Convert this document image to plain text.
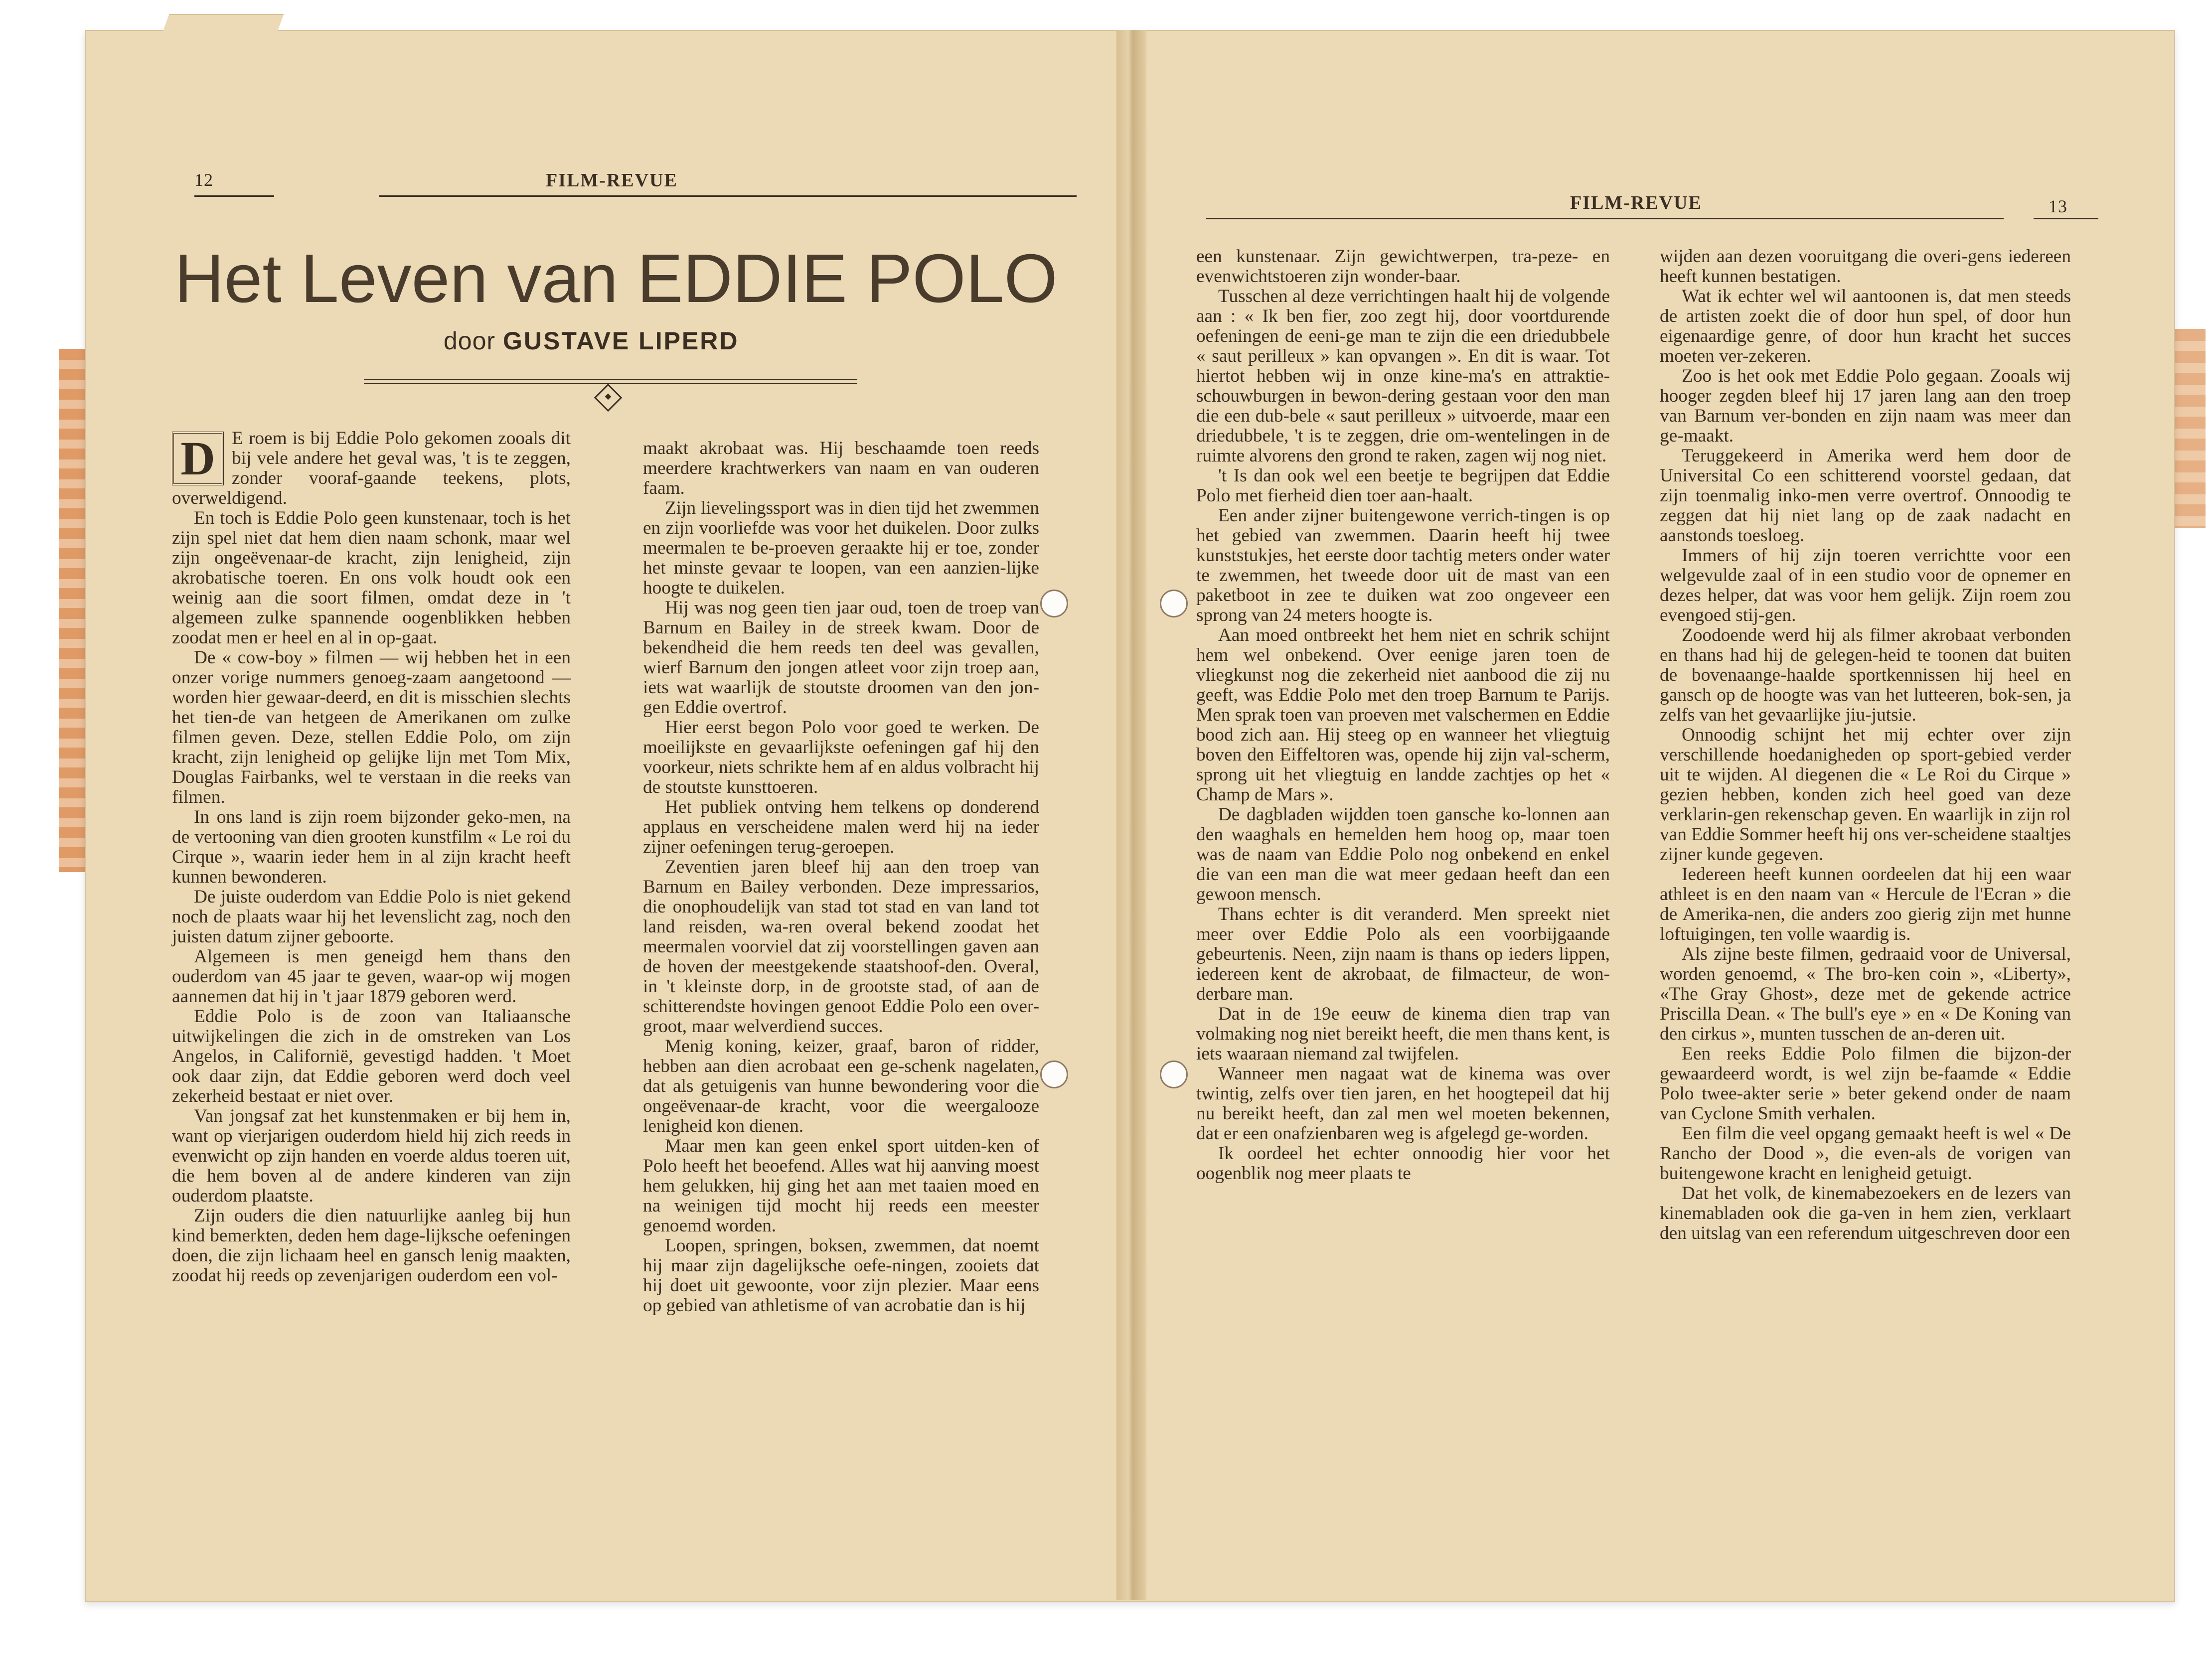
12	FILM-REVUE
Het Leven van EDDIE POLO
door GUSTAVE LIPERD

D E roem is bij Eddie Polo gekomen zooals dit bij vele andere het geval was, 't is te zeggen, zonder vooraf-gaande teekens, plots, overweldigend.

En toch is Eddie Polo geen kunstenaar, toch is het zijn spel niet dat hem dien naam schonk, maar wel zijn ongeëvenaar-de kracht, zijn lenigheid, zijn akrobatische toeren. En ons volk houdt ook een weinig aan die soort filmen, omdat deze in 't algemeen zulke spannende oogenblikken hebben zoodat men er heel en al in op-gaat.

De « cow-boy » filmen — wij hebben het in een onzer vorige nummers genoeg-zaam aangetoond — worden hier gewaar-deerd, en dit is misschien slechts het tien-de van hetgeen de Amerikanen om zulke filmen geven. Deze, stellen Eddie Polo, om zijn kracht, zijn lenigheid op gelijke lijn met Tom Mix, Douglas Fairbanks, wel te verstaan in die reeks van filmen.

In ons land is zijn roem bijzonder geko-men, na de vertooning van dien grooten kunstfilm « Le roi du Cirque », waarin ieder hem in al zijn kracht heeft kunnen bewonderen.

De juiste ouderdom van Eddie Polo is niet gekend noch de plaats waar hij het levenslicht zag, noch den juisten datum zijner geboorte.

Algemeen is men geneigd hem thans den ouderdom van 45 jaar te geven, waar-op wij mogen aannemen dat hij in 't jaar 1879 geboren werd.

Eddie Polo is de zoon van Italiaansche uitwijkelingen die zich in de omstreken van Los Angelos, in Californië, gevestigd hadden. 't Moet ook daar zijn, dat Eddie geboren werd doch veel zekerheid bestaat er niet over.

Van jongsaf zat het kunstenmaken er bij hem in, want op vierjarigen ouderdom hield hij zich reeds in evenwicht op zijn handen en voerde aldus toeren uit, die hem boven al de andere kinderen van zijn ouderdom plaatste.

Zijn ouders die dien natuurlijke aanleg bij hun kind bemerkten, deden hem dage-lijksche oefeningen doen, die zijn lichaam heel en gansch lenig maakten, zoodat hij reeds op zevenjarigen ouderdom een vol-

maakt akrobaat was. Hij beschaamde toen reeds meerdere krachtwerkers van naam en van ouderen faam.

Zijn lievelingssport was in dien tijd het zwemmen en zijn voorliefde was voor het duikelen. Door zulks meermalen te be-proeven geraakte hij er toe, zonder het minste gevaar te loopen, van een aanzien-lijke hoogte te duikelen.

Hij was nog geen tien jaar oud, toen de troep van Barnum en Bailey in de streek kwam. Door de bekendheid die hem reeds ten deel was gevallen, wierf Barnum den jongen atleet voor zijn troep aan, iets wat waarlijk de stoutste droomen van den jon-gen Eddie overtrof.

Hier eerst begon Polo voor goed te werken. De moeilijkste en gevaarlijkste oefeningen gaf hij den voorkeur, niets schrikte hem af en aldus volbracht hij de stoutste kunsttoeren.

Het publiek ontving hem telkens op donderend applaus en verscheidene malen werd hij na ieder zijner oefeningen terug-geroepen.

Zeventien jaren bleef hij aan den troep van Barnum en Bailey verbonden. Deze impressarios, die onophoudelijk van stad tot stad en van land tot land reisden, wa-ren overal bekend zoodat het meermalen voorviel dat zij voorstellingen gaven aan de hoven der meestgekende staatshoof-den. Overal, in 't kleinste dorp, in de grootste stad, of aan de schitterendste hovingen genoot Eddie Polo een over-groot, maar welverdiend succes.

Menig koning, keizer, graaf, baron of ridder, hebben aan dien acrobaat een ge-schenk nagelaten, dat als getuigenis van hunne bewondering voor die ongeëvenaar-de kracht, voor die weergalooze lenigheid kon dienen.

Maar men kan geen enkel sport uitden-ken of Polo heeft het beoefend. Alles wat hij aanving moest hem gelukken, hij ging het aan met taaien moed en na weinigen tijd mocht hij reeds een meester genoemd worden.

Loopen, springen, boksen, zwemmen, dat noemt hij maar zijn dagelijksche oefe-ningen, zooiets dat hij doet uit gewoonte, voor zijn plezier. Maar eens op gebied van athletisme of van acrobatie dan is hij

FILM-REVUE	13

een kunstenaar. Zijn gewichtwerpen, tra-peze- en evenwichtstoeren zijn wonder-baar.

Tusschen al deze verrichtingen haalt hij de volgende aan : « Ik ben fier, zoo zegt hij, door voortdurende oefeningen de eeni-ge man te zijn die een driedubbele « saut perilleux » kan opvangen ». En dit is waar. Tot hiertot hebben wij in onze kine-ma's en attraktie-schouwburgen in bewon-dering gestaan voor den man die een dub-bele « saut perilleux » uitvoerde, maar een driedubbele, 't is te zeggen, drie om-wentelingen in de ruimte alvorens den grond te raken, zagen wij nog niet.

't Is dan ook wel een beetje te begrijpen dat Eddie Polo met fierheid dien toer aan-haalt.

Een ander zijner buitengewone verrich-tingen is op het gebied van zwemmen. Daarin heeft hij twee kunststukjes, het eerste door tachtig meters onder water te zwemmen, het tweede door uit de mast van een paketboot in zee te duiken wat zoo ongeveer een sprong van 24 meters hoogte is.

Aan moed ontbreekt het hem niet en schrik schijnt hem wel onbekend. Over eenige jaren toen de vliegkunst nog die zekerheid niet aanbood die zij nu geeft, was Eddie Polo met den troep Barnum te Parijs. Men sprak toen van proeven met valschermen en Eddie bood zich aan. Hij steeg op en wanneer het vliegtuig boven den Eiffeltoren was, opende hij zijn val-scherm, sprong uit het vliegtuig en landde zachtjes op het « Champ de Mars ».

De dagbladen wijdden toen gansche ko-lonnen aan den waaghals en hemelden hem hoog op, maar toen was de naam van Eddie Polo nog onbekend en enkel die van een man die wat meer gedaan heeft dan een gewoon mensch.

Thans echter is dit veranderd. Men spreekt niet meer over Eddie Polo als een voorbijgaande gebeurtenis. Neen, zijn naam is thans op ieders lippen, iedereen kent de akrobaat, de filmacteur, de won-derbare man.

Dat in de 19e eeuw de kinema dien trap van volmaking nog niet bereikt heeft, die men thans kent, is iets waaraan niemand zal twijfelen.

Wanneer men nagaat wat de kinema was over twintig, zelfs over tien jaren, en het hoogtepeil dat hij nu bereikt heeft, dan zal men wel moeten bekennen, dat er een onafzienbaren weg is afgelegd ge-worden.

Ik oordeel het echter onnoodig hier voor het oogenblik nog meer plaats te

wijden aan dezen vooruitgang die overi-gens iedereen heeft kunnen bestatigen.

Wat ik echter wel wil aantoonen is, dat men steeds de artisten zoekt die of door hun spel, of door hun eigenaardige genre, of door hun kracht het succes moeten ver-zekeren.

Zoo is het ook met Eddie Polo gegaan. Zooals wij hooger zegden bleef hij 17 jaren lang aan den troep van Barnum ver-bonden en zijn naam was meer dan ge-maakt.

Teruggekeerd in Amerika werd hem door de Universital Co een schitterend voorstel gedaan, dat zijn toenmalig inko-men verre overtrof. Onnoodig te zeggen dat hij niet lang op de zaak nadacht en aanstonds toesloeg.

Immers of hij zijn toeren verrichtte voor een welgevulde zaal of in een studio voor de opnemer en dezes helper, dat was voor hem gelijk. Zijn roem zou evengoed stij-gen.

Zoodoende werd hij als filmer akrobaat verbonden en thans had hij de gelegen-heid te toonen dat buiten de bovenaange-haalde sportkennissen hij heel en gansch op de hoogte was van het lutteeren, bok-sen, ja zelfs van het gevaarlijke jiu-jutsie.

Onnoodig schijnt het mij echter over zijn verschillende hoedanigheden op sport-gebied verder uit te wijden. Al diegenen die « Le Roi du Cirque » gezien hebben, konden zich heel goed van deze verklarin-gen rekenschap geven. En waarlijk in zijn rol van Eddie Sommer heeft hij ons ver-scheidene staaltjes zijner kunde gegeven.

Iedereen heeft kunnen oordeelen dat hij een waar athleet is en den naam van « Hercule de l'Ecran » die de Amerika-nen, die anders zoo gierig zijn met hunne loftuigingen, ten volle waardig is.

Als zijne beste filmen, gedraaid voor de Universal, worden genoemd, « The bro-ken coin », «Liberty», «The Gray Ghost», deze met de gekende actrice Priscilla Dean. « The bull's eye » en « De Koning van den cirkus », munten tusschen de an-deren uit.

Een reeks Eddie Polo filmen die bijzon-der gewaardeerd wordt, is wel zijn be-faamde « Eddie Polo twee-akter serie » beter gekend onder de naam van Cyclone Smith verhalen.

Een film die veel opgang gemaakt heeft is wel « De Rancho der Dood », die even-als de vorigen van buitengewone kracht en lenigheid getuigt.

Dat het volk, de kinemabezoekers en de lezers van kinemabladen ook die ga-ven in hem zien, verklaart den uitslag van een referendum uitgeschreven door een
